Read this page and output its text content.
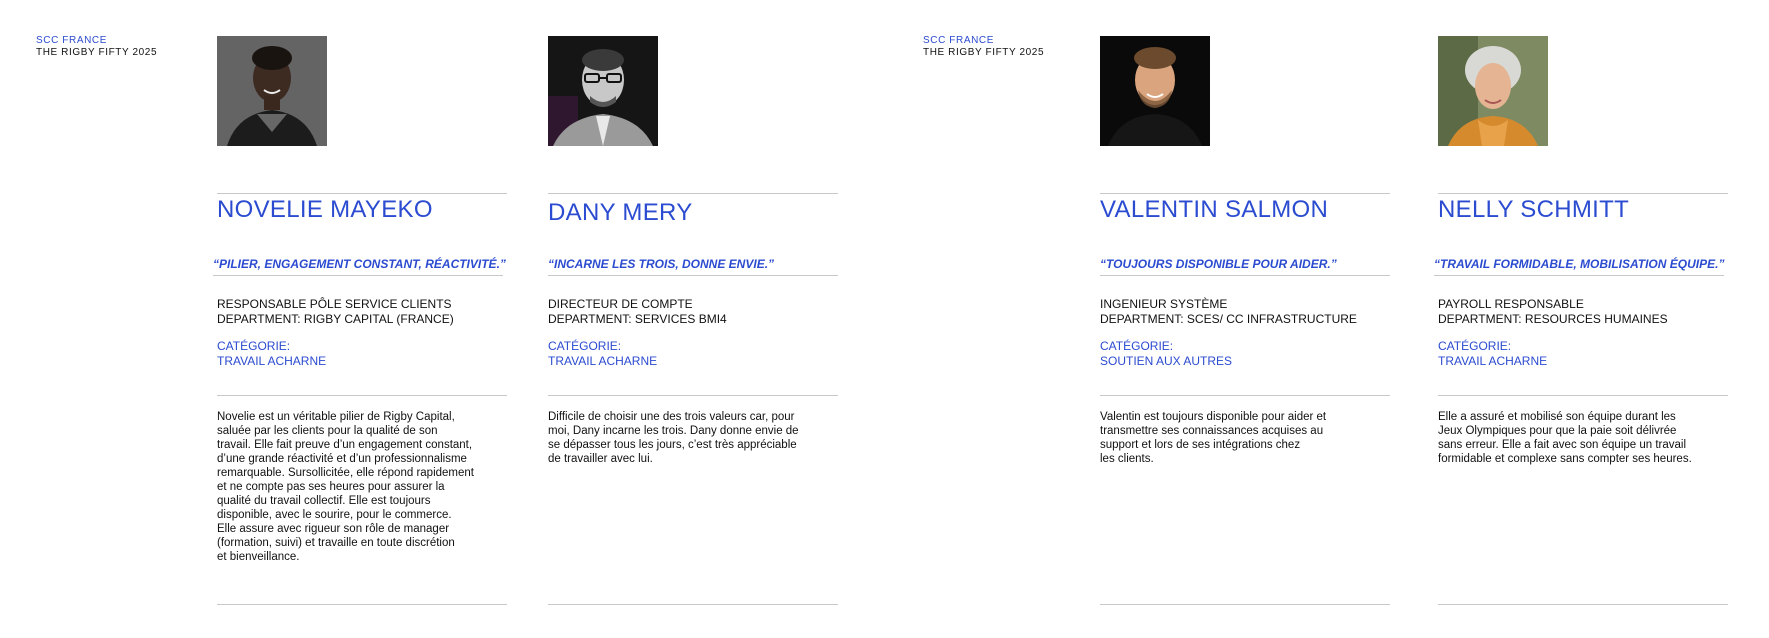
SCC FRANCE
THE RIGBY FIFTY 2025
SCC FRANCE
THE RIGBY FIFTY 2025
NOVELIE MAYEKO
“PILIER, ENGAGEMENT CONSTANT, RÉACTIVITÉ.”
RESPONSABLE PÔLE SERVICE CLIENTS
DEPARTMENT: RIGBY CAPITAL (FRANCE)
CATÉGORIE:
TRAVAIL ACHARNE
Novelie est un véritable pilier de Rigby Capital,
saluée par les clients pour la qualité de son
travail. Elle fait preuve d’un engagement constant,
d’une grande réactivité et d’un professionnalisme
remarquable. Sursollicitée, elle répond rapidement
et ne compte pas ses heures pour assurer la
qualité du travail collectif. Elle est toujours
disponible, avec le sourire, pour le commerce.
Elle assure avec rigueur son rôle de manager
(formation, suivi) et travaille en toute discrétion
et bienveillance.
DANY MERY
“INCARNE LES TROIS, DONNE ENVIE.”
DIRECTEUR DE COMPTE
DEPARTMENT: SERVICES BMI4
CATÉGORIE:
TRAVAIL ACHARNE
Difficile de choisir une des trois valeurs car, pour
moi, Dany incarne les trois. Dany donne envie de
se dépasser tous les jours, c’est très appréciable
de travailler avec lui.
VALENTIN SALMON
“TOUJOURS DISPONIBLE POUR AIDER.”
INGENIEUR SYSTÈME
DEPARTMENT: SCES/ CC INFRASTRUCTURE
CATÉGORIE:
SOUTIEN AUX AUTRES
Valentin est toujours disponible pour aider et
transmettre ses connaissances acquises au
support et lors de ses intégrations chez
les clients.
NELLY SCHMITT
“TRAVAIL FORMIDABLE, MOBILISATION ÉQUIPE.”
PAYROLL RESPONSABLE
DEPARTMENT: RESOURCES HUMAINES
CATÉGORIE:
TRAVAIL ACHARNE
Elle a assuré et mobilisé son équipe durant les
Jeux Olympiques pour que la paie soit délivrée
sans erreur. Elle a fait avec son équipe un travail
formidable et complexe sans compter ses heures.
